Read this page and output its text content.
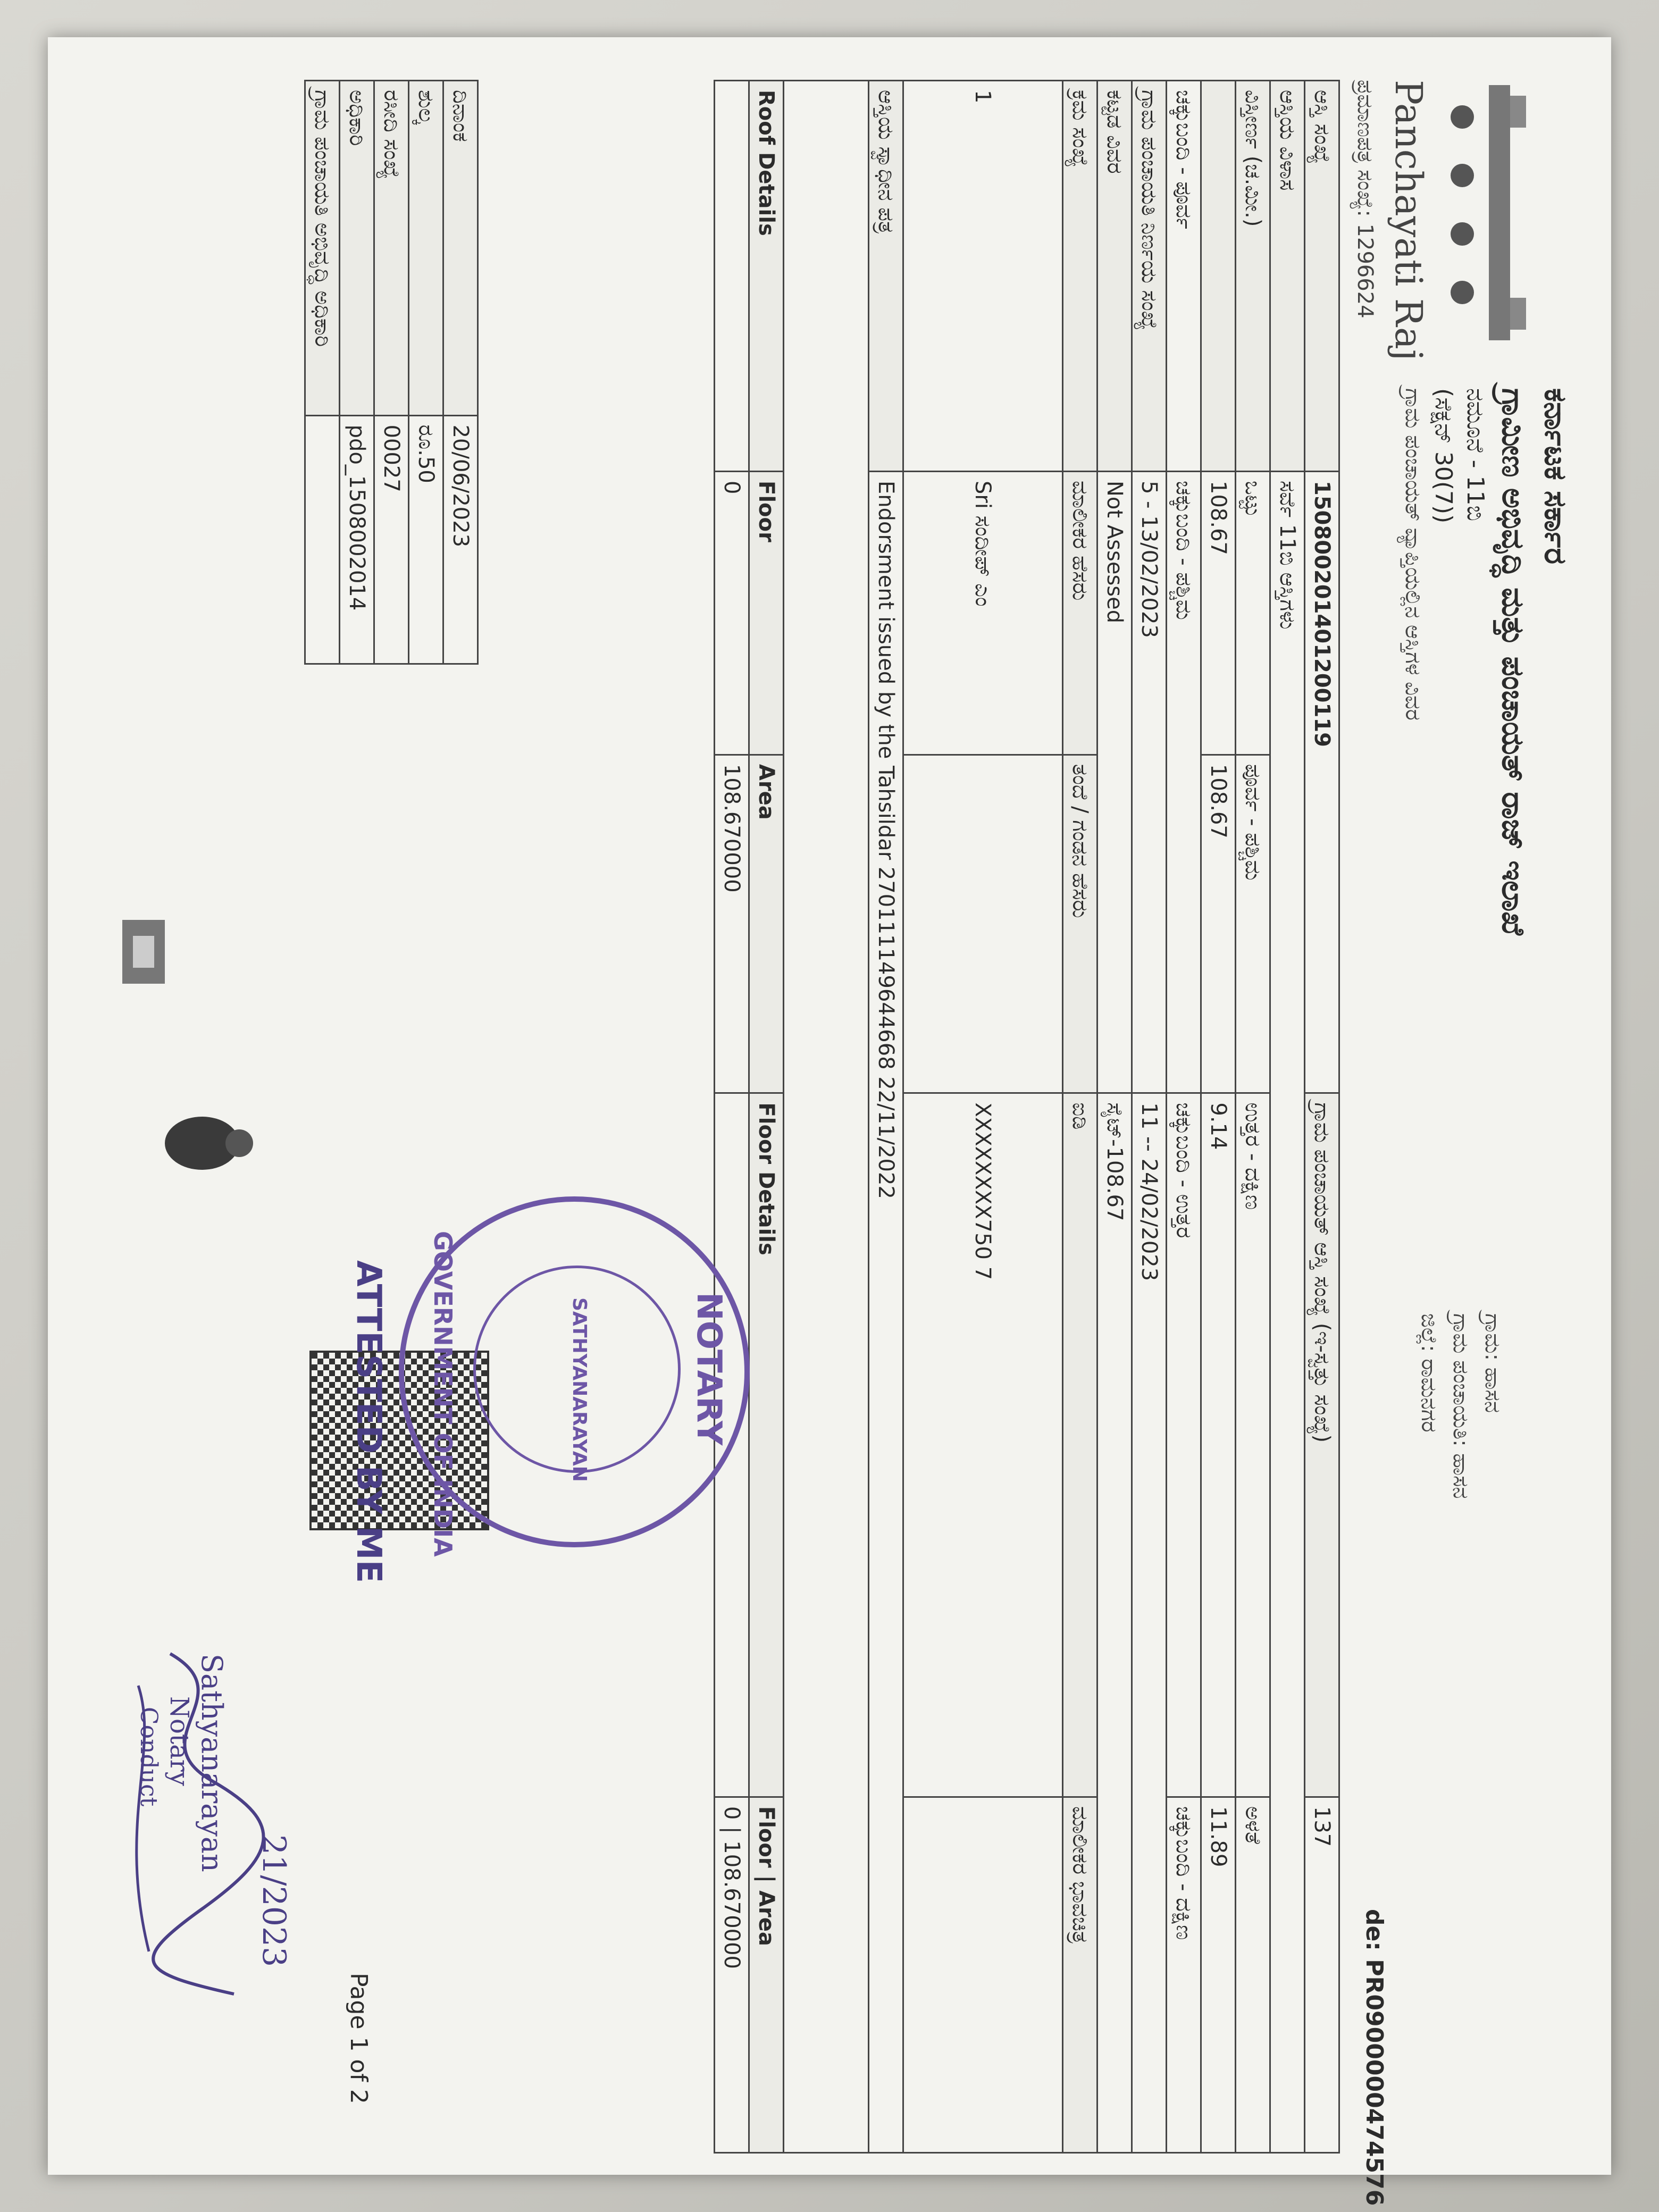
ಕರ್ನಾಟಕ ಸರ್ಕಾರ
ಗ್ರಾಮೀಣ ಅಭಿವೃದ್ಧಿ ಮತ್ತು ಪಂಚಾಯತ್ ರಾಜ್ ಇಲಾಖೆ
ನಮೂನೆ - 11ಬಿ
(ಸೆಕ್ಷನ್ 30(7))
ಗ್ರಾಮ ಪಂಚಾಯತ್ ವ್ಯಾಪ್ತಿಯಲ್ಲಿನ ಆಸ್ತಿಗಳ ವಿವರ
Panchayati Raj
ಗ್ರಾಮ: ಹಾಸನ
ಗ್ರಾಮ ಪಂಚಾಯತಿ: ಹಾಸನ
ಜಿಲ್ಲೆ: ರಾಮನಗರ
de: PR0900000474576
ಪ್ರಮಾಣಪತ್ರ ಸಂಖ್ಯೆ: 1296624
ಆಸ್ತಿ ಸಂಖ್ಯೆ	150800201401200119		ಗ್ರಾಮ ಪಂಚಾಯತ್ ಆಸ್ತಿ ಸಂಖ್ಯೆ (ಇ-ಸ್ವತ್ತು ಸಂಖ್ಯೆ)	137
ಆಸ್ತಿಯ ವಿಳಾಸ	ಸರ್ವೆ 11ಬಿ ಆಸ್ತಿಗಳು			
ವಿಸ್ತೀರ್ಣ (ಚ.ಮೀ.)	ಒಟ್ಟು	ಪೂರ್ವ - ಪಶ್ಚಿಮ	ಉತ್ತರ - ದಕ್ಷಿಣ	ಅಳತೆ
	108.67	108.67	9.14	11.89
ಚಕ್ಕುಬಂದಿ - ಪೂರ್ವ	ಚಕ್ಕುಬಂದಿ - ಪಶ್ಚಿಮ		ಚಕ್ಕುಬಂದಿ - ಉತ್ತರ	ಚಕ್ಕುಬಂದಿ - ದಕ್ಷಿಣ
ಗ್ರಾಮ ಪಂಚಾಯತಿ ನಿರ್ಣಯ ಸಂಖ್ಯೆ	5 - 13/02/2023		11 -- 24/02/2023	
ಕಟ್ಟಡ ವಿವರ	Not Assessed		ಸೈಟ್-108.67	
ಕ್ರಮ ಸಂಖ್ಯೆ	ಮಾಲೀಕರ ಹೆಸರು	ತಂದೆ / ಗಂಡನ ಹೆಸರು	ಐಡಿ	ಮಾಲೀಕರ ಭಾವಚಿತ್ರ
1	Sri ಸಂದೀಪ್ ಎಂ		XXXXXXXX750 7	
ಆಸ್ತಿಯ ಸ್ವಾಧೀನ ಪತ್ರ	Endorsment issued by the Tahsildar 270111149644668 22/11/2022			

Roof Details	Floor	Area	Floor Details	Floor | Area
	0	108.670000		0 | 108.670000
ದಿನಾಂಕ	20/06/2023
ಶುಲ್ಕ	ರೂ.50
ರಸೀದಿ ಸಂಖ್ಯೆ	00027
ಅಧಿಕಾರಿ	pdo_1508002014
ಗ್ರಾಮ ಪಂಚಾಯತಿ ಅಭಿವೃದ್ಧಿ ಅಧಿಕಾರಿ	
NOTARY
GOVERNMENT OF INDIA	SATHYANARAYAN
ATTESTED BY ME
Page 1 of 2
Sathyanarayan
Notary
Conduct
21/2023
